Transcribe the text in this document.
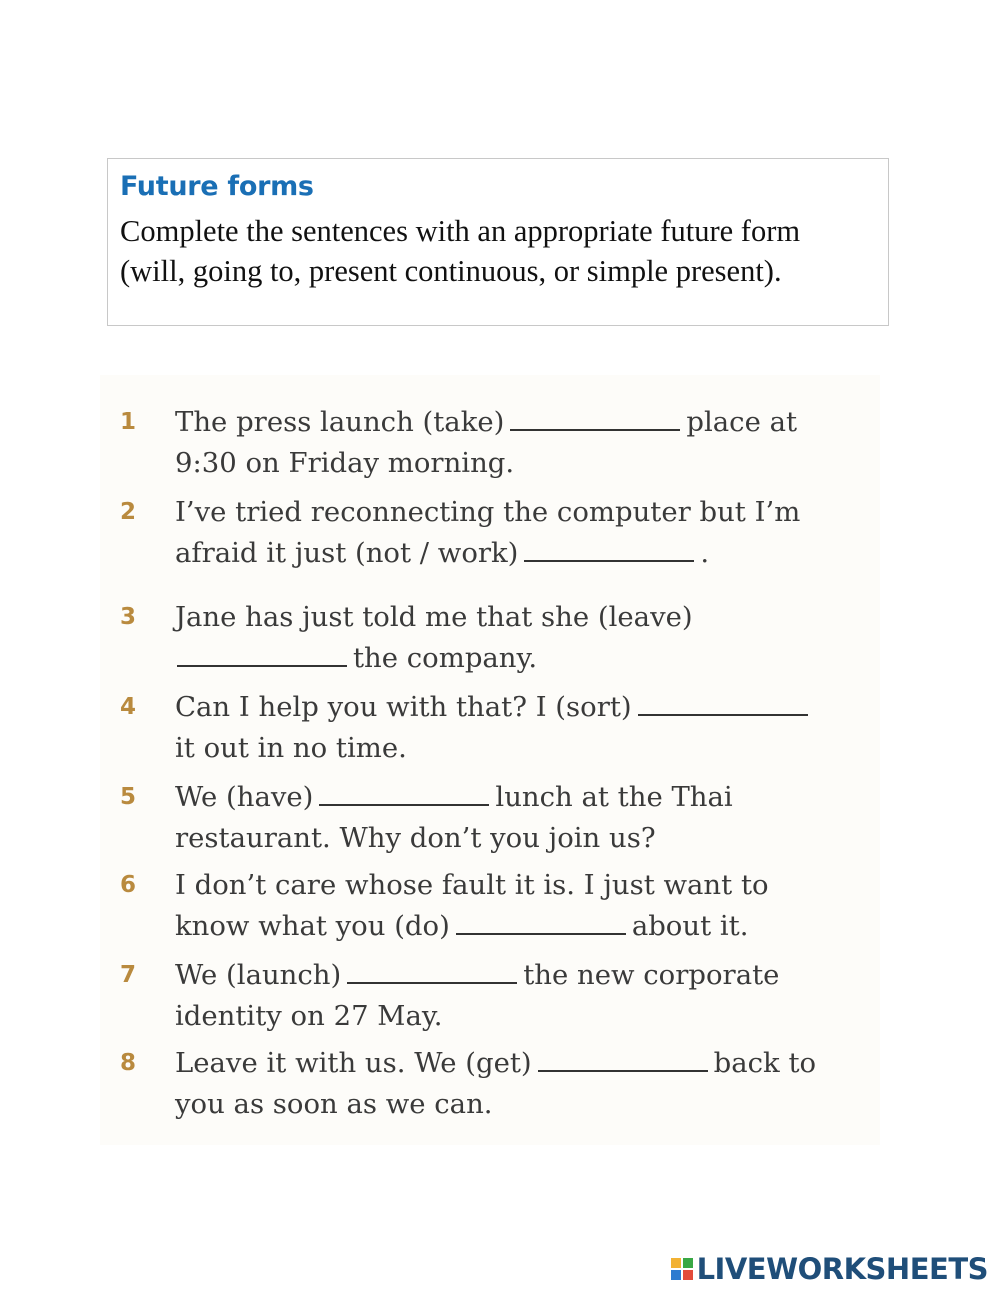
Future forms
Complete the sentences with an appropriate future form
(will, going to, present continuous, or simple present).
1 The press launch (take)	place at
9:30 on Friday morning.
2 I’ve tried reconnecting the computer but I’m
afraid it just (not / work)	.
3 Jane has just told me that she (leave)
the company.
4 Can I help you with that? I (sort)
it out in no time.
5 We (have)	lunch at the Thai
restaurant. Why don’t you join us?
6 I don’t care whose fault it is. I just want to
know what you (do)	about it.
7 We (launch)	the new corporate
identity on 27 May.
8 Leave it with us. We (get)	back to
you as soon as we can.
LIVEWORKSHEETS
